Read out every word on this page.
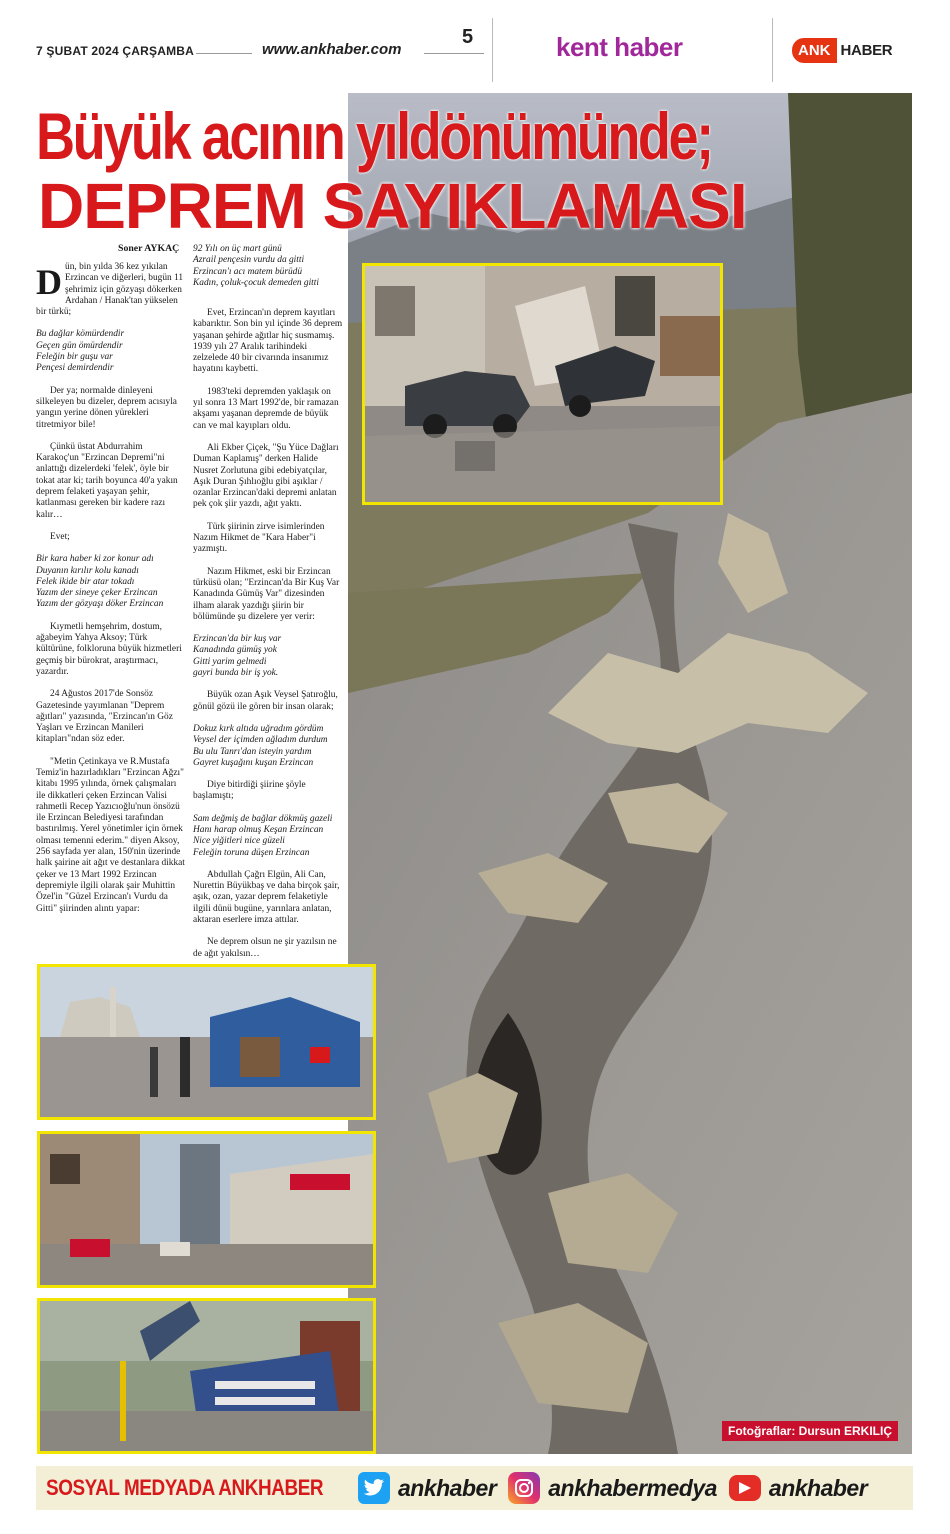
7 ŞUBAT 2024 ÇARŞAMBA	www.ankhaber.com
5	kent haber	ANK HABER
Fotoğraflar: Dursun ERKILIÇ
Büyük acının yıldönümünde;
DEPREM SAYIKLAMASI
Soner AYKAÇ

Dün, bin yılda 36 kez yıkılan Erzincan ve diğerleri, bugün 11 şehrimiz için gözyaşı dökerken Ardahan / Hanak'tan yükselen bir türkü;

Bu dağlar kömürdendir
Geçen gün ömürdendir
Feleğin bir guşu var
Pençesi demirdendir

Der ya; normalde dinleyeni silkeleyen bu dizeler, deprem acısıyla yangın yerine dönen yürekleri titretmiyor bile!

Çünkü üstat Abdurrahim Karakoç'un "Erzincan Depremi"ni anlattığı dizelerdeki 'felek', öyle bir tokat atar ki; tarih boyunca 40'a yakın deprem felaketi yaşayan şehir, katlanması gereken bir kadere razı kalır…

Evet;

Bir kara haber ki zor konur adı
Duyanın kırılır kolu kanadı
Felek ikide bir atar tokadı
Yazım der sineye çeker Erzincan
Yazım der gözyaşı döker Erzincan

Kıymetli hemşehrim, dostum, ağabeyim Yahya Aksoy; Türk kültürüne, folkloruna büyük hizmetleri geçmiş bir bürokrat, araştırmacı, yazardır.

24 Ağustos 2017'de Sonsöz Gazetesinde yayımlanan "Deprem ağıtları" yazısında, "Erzincan'ın Göz Yaşları ve Erzincan Manileri kitapları"ndan söz eder.

"Metin Çetinkaya ve R.Mustafa Temiz'in hazırladıkları "Erzincan Ağzı" kitabı 1995 yılında, örnek çalışmaları ile dikkatleri çeken Erzincan Valisi rahmetli Recep Yazıcıoğlu'nun önsözü ile Erzincan Belediyesi tarafından bastırılmış. Yerel yönetimler için örnek olması temenni ederim." diyen Aksoy, 256 sayfada yer alan, 150'nin üzerinde halk şairine ait ağıt ve destanlara dikkat çeker ve 13 Mart 1992 Erzincan depremiyle ilgili olarak şair Muhittin Özel'in "Güzel Erzincan'ı Vurdu da Gitti" şiirinden alıntı yapar:

92 Yılı on üç mart günü
Azrail pençesin vurdu da gitti
Erzincan'ı acı matem bürüdü
Kadın, çoluk-çocuk demeden gitti

Evet, Erzincan'ın deprem kayıtları kabarıktır. Son bin yıl içinde 36 deprem yaşanan şehirde ağıtlar hiç susmamış. 1939 yılı 27 Aralık tarihindeki zelzelede 40 bir civarında insanımız hayatını kaybetti.

1983'teki depremden yaklaşık on yıl sonra 13 Mart 1992'de, bir ramazan akşamı yaşanan depremde de büyük can ve mal kayıpları oldu.

Ali Ekber Çiçek, "Şu Yüce Dağları Duman Kaplamış" derken Halide Nusret Zorlutuna gibi edebiyatçılar, Aşık Duran Şıhlıoğlu gibi aşıklar / ozanlar Erzincan'daki depremi anlatan pek çok şiir yazdı, ağıt yaktı.

Türk şiirinin zirve isimlerinden Nazım Hikmet de "Kara Haber"i yazmıştı.

Nazım Hikmet, eski bir Erzincan türküsü olan; "Erzincan'da Bir Kuş Var Kanadında Gümüş Var" dizesinden ilham alarak yazdığı şiirin bir bölümünde şu dizelere yer verir:

Erzincan'da bir kuş var
Kanadında gümüş yok
Gitti yarim gelmedi
gayri bunda bir iş yok.

Büyük ozan Aşık Veysel Şatıroğlu, gönül gözü ile gören bir insan olarak;

Dokuz kırk altıda uğradım gördüm
Veysel der içimden ağladım durdum
Bu ulu Tanrı'dan isteyin yardım
Gayret kuşağını kuşan Erzincan

Diye bitirdiği şiirine şöyle başlamıştı;

Sam değmiş de bağlar dökmüş gazeli
Hanı harap olmuş Keşan Erzincan
Nice yiğitleri nice güzeli
Feleğin toruna düşen Erzincan

Abdullah Çağrı Elgün, Ali Can, Nurettin Büyükbaş ve daha birçok şair, aşık, ozan, yazar deprem felaketiyle ilgili dünü bugüne, yarınlara anlatan, aktaran eserlere imza attılar.

Ne deprem olsun ne şir yazılsın ne de ağıt yakılsın…

SOSYAL MEDYADA ANKHABER	ankhaber ankhabermedya ankhaber
